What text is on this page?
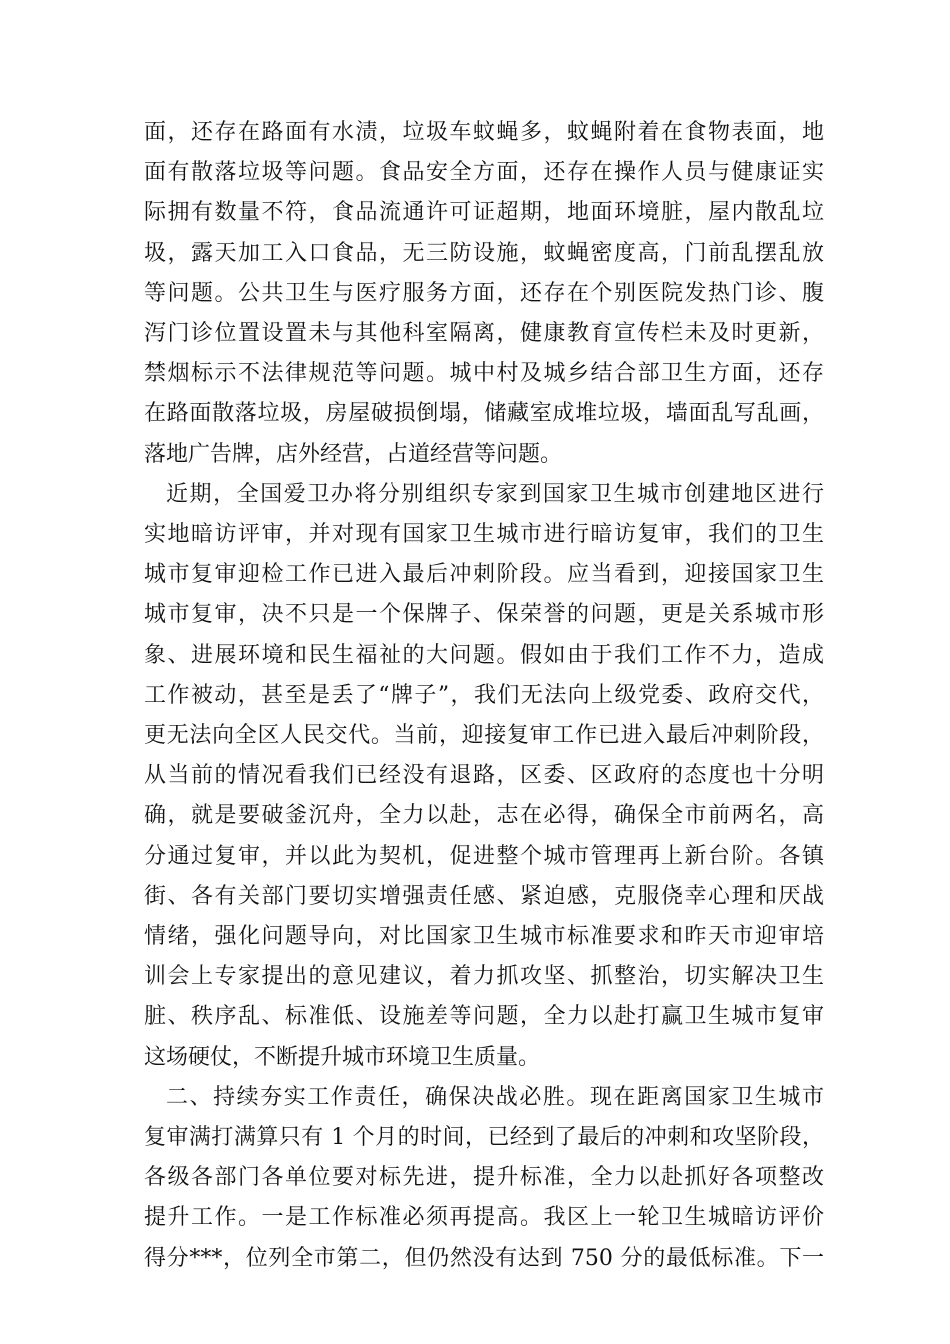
面，还存在路面有水渍，垃圾车蚊蝇多，蚊蝇附着在食物表面，地
面有散落垃圾等问题。食品安全方面，还存在操作人员与健康证实
际拥有数量不符，食品流通许可证超期，地面环境脏，屋内散乱垃
圾，露天加工入口食品，无三防设施，蚊蝇密度高，门前乱摆乱放
等问题。公共卫生与医疗服务方面，还存在个别医院发热门诊、腹
泻门诊位置设置未与其他科室隔离，健康教育宣传栏未及时更新，
禁烟标示不法律规范等问题。城中村及城乡结合部卫生方面，还存
在路面散落垃圾，房屋破损倒塌，储藏室成堆垃圾，墙面乱写乱画，
落地广告牌，店外经营，占道经营等问题。

近期，全国爱卫办将分别组织专家到国家卫生城市创建地区进行
实地暗访评审，并对现有国家卫生城市进行暗访复审，我们的卫生
城市复审迎检工作已进入最后冲刺阶段。应当看到，迎接国家卫生
城市复审，决不只是一个保牌子、保荣誉的问题，更是关系城市形
象、进展环境和民生福祉的大问题。假如由于我们工作不力，造成
工作被动，甚至是丢了“牌子”，我们无法向上级党委、政府交代，
更无法向全区人民交代。当前，迎接复审工作已进入最后冲刺阶段，
从当前的情况看我们已经没有退路，区委、区政府的态度也十分明
确，就是要破釜沉舟，全力以赴，志在必得，确保全市前两名，高
分通过复审，并以此为契机，促进整个城市管理再上新台阶。各镇
街、各有关部门要切实增强责任感、紧迫感，克服侥幸心理和厌战
情绪，强化问题导向，对比国家卫生城市标准要求和昨天市迎审培
训会上专家提出的意见建议，着力抓攻坚、抓整治，切实解决卫生
脏、秩序乱、标准低、设施差等问题，全力以赴打赢卫生城市复审
这场硬仗，不断提升城市环境卫生质量。

二、持续夯实工作责任，确保决战必胜。现在距离国家卫生城市
复审满打满算只有 1 个月的时间，已经到了最后的冲刺和攻坚阶段，
各级各部门各单位要对标先进，提升标准，全力以赴抓好各项整改
提升工作。一是工作标准必须再提高。我区上一轮卫生城暗访评价
得分***，位列全市第二，但仍然没有达到 750 分的最低标准。下一
